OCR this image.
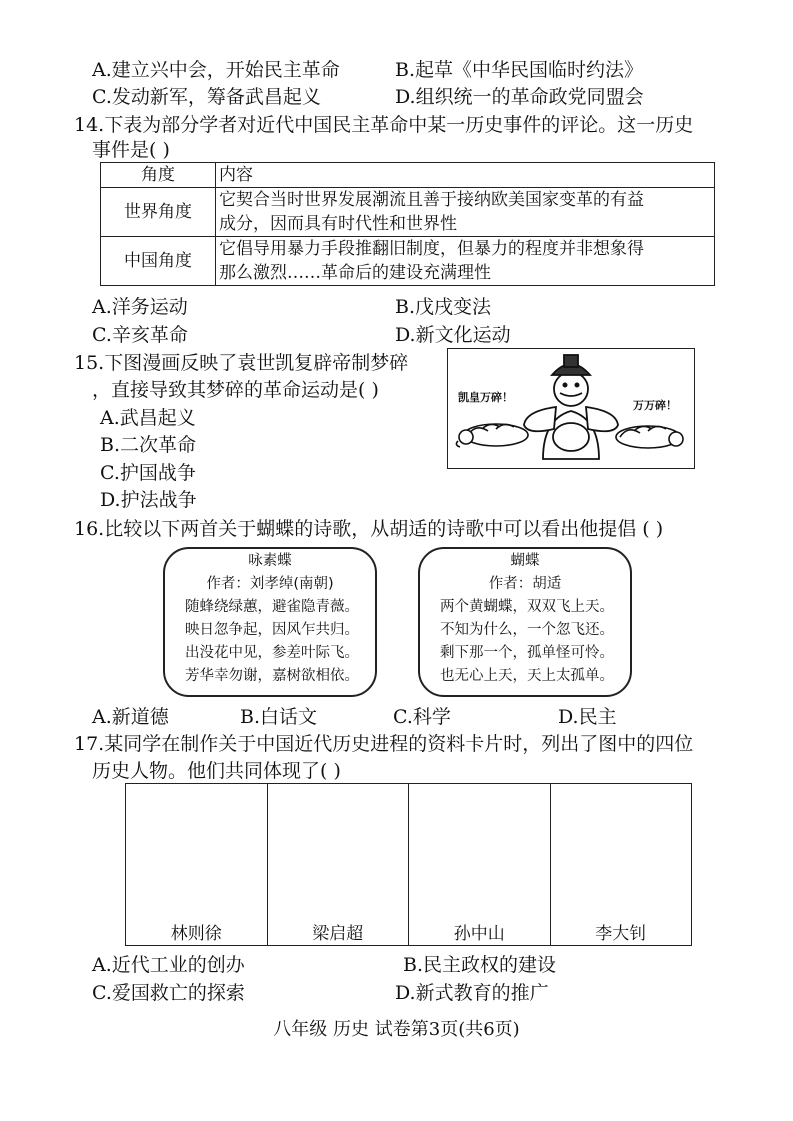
A.建立兴中会，开始民主革命	B.起草《中华民国临时约法》
C.发动新军，筹备武昌起义	D.组织统一的革命政党同盟会
14.下表为部分学者对近代中国民主革命中某一历史事件的评论。这一历史
事件是( )
角度	内容
世界角度	它契合当时世界发展潮流且善于接纳欧美国家变革的有益
成分，因而具有时代性和世界性

中国角度	它倡导用暴力手段推翻旧制度，但暴力的程度并非想象得
那么激烈……革命后的建设充满理性
A.洋务运动	B.戊戌变法
C.辛亥革命	D.新文化运动
15.下图漫画反映了袁世凯复辟帝制梦碎
，直接导致其梦碎的革命运动是( )
A.武昌起义
B.二次革命
C.护国战争
D.护法战争
凯皇万碎！
万万碎！
16.比较以下两首关于蝴蝶的诗歌，从胡适的诗歌中可以看出他提倡 ( )
咏素蝶
作者：刘孝绰(南朝)
随蜂绕绿蕙，避雀隐青薇。
映日忽争起，因风乍共归。
出没花中见，参差叶际飞。
芳华幸勿谢，嘉树欲相依。
蝴蝶
作者：胡适
两个黄蝴蝶，双双飞上天。
不知为什么，一个忽飞还。
剩下那一个，孤单怪可怜。
也无心上天，天上太孤单。
A.新道德	B.白话文	C.科学	D.民主
17.某同学在制作关于中国近代历史进程的资料卡片时，列出了图中的四位
历史人物。他们共同体现了( )
林则徐	梁启超	孙中山	李大钊
A.近代工业的创办	B.民主政权的建设
C.爱国救亡的探索	D.新式教育的推广
八年级 历史 试卷第3页(共6页)
